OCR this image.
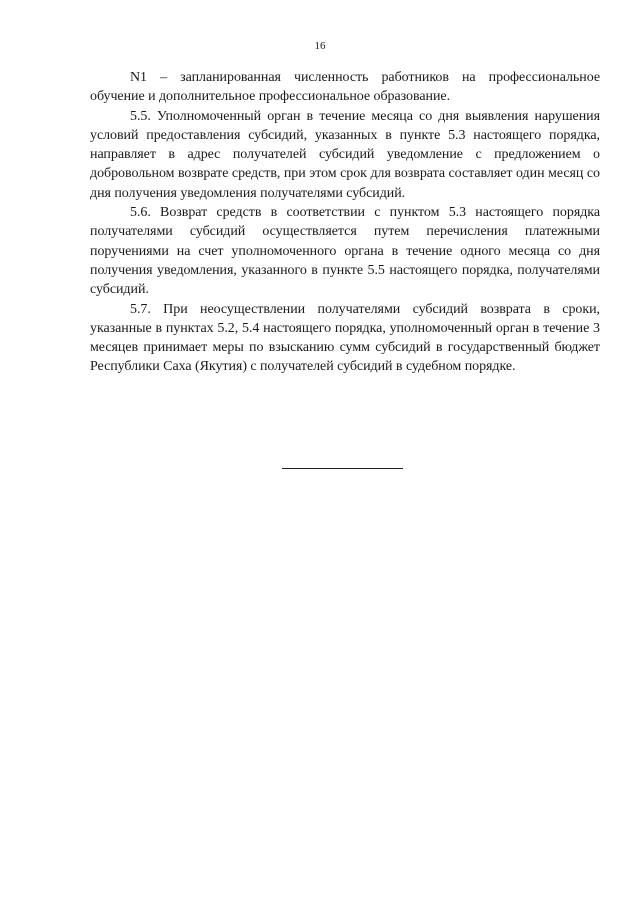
16

N1 – запланированная численность работников на профессиональное обучение и дополнительное профессиональное образование.

5.5. Уполномоченный орган в течение месяца со дня выявления нарушения условий предоставления субсидий, указанных в пункте 5.3 настоящего порядка, направляет в адрес получателей субсидий уведомление с предложением о добровольном возврате средств, при этом срок для возврата составляет один месяц со дня получения уведомления получателями субсидий.

5.6. Возврат средств в соответствии с пунктом 5.3 настоящего порядка получателями субсидий осуществляется путем перечисления платежными поручениями на счет уполномоченного органа в течение одного месяца со дня получения уведомления, указанного в пункте 5.5 настоящего порядка, получателями субсидий.

5.7. При неосуществлении получателями субсидий возврата в сроки, указанные в пунктах 5.2, 5.4 настоящего порядка, уполномоченный орган в течение 3 месяцев принимает меры по взысканию сумм субсидий в государственный бюджет Республики Саха (Якутия) с получателей субсидий в судебном порядке.
